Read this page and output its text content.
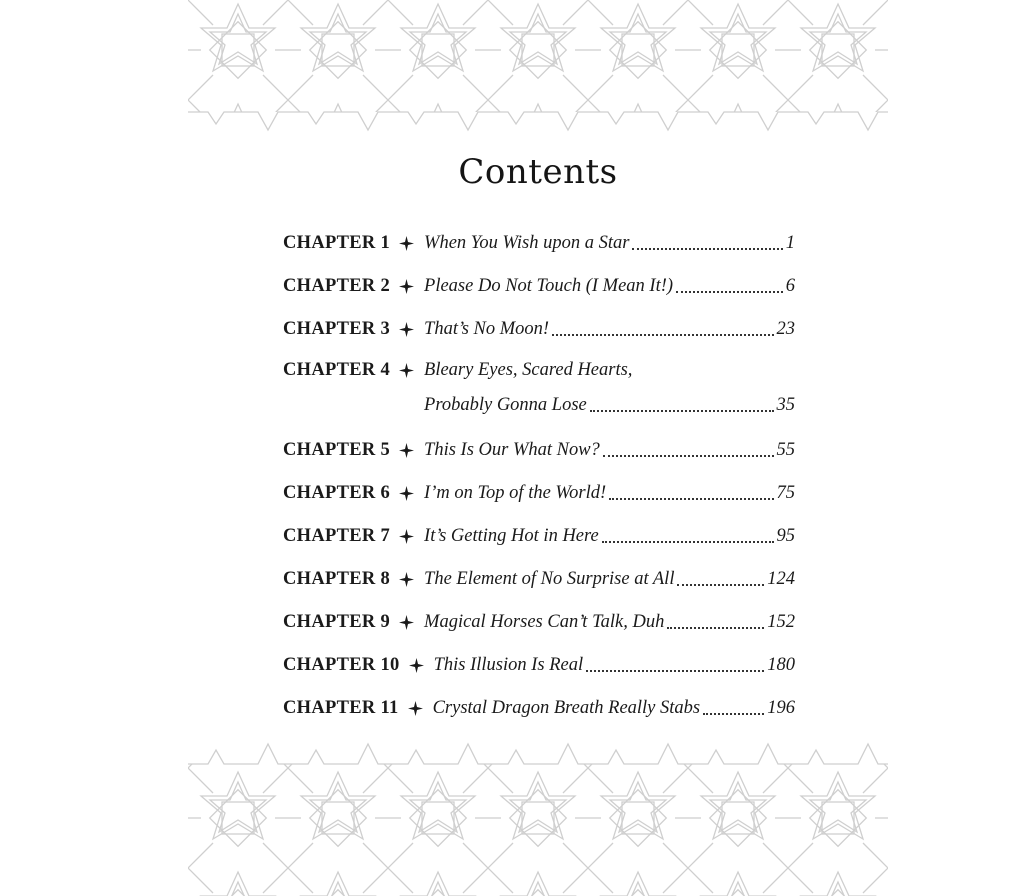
Contents
CHAPTER 1 When You Wish upon a Star	1
CHAPTER 2 Please Do Not Touch (I Mean It!)	6
CHAPTER 3 That’s No Moon!	23
CHAPTER 4 Bleary Eyes, Scared Hearts,
Probably Gonna Lose	35
CHAPTER 5 This Is Our What Now?	55
CHAPTER 6 I’m on Top of the World!	75
CHAPTER 7 It’s Getting Hot in Here	95
CHAPTER 8 The Element of No Surprise at All	124
CHAPTER 9 Magical Horses Can’t Talk, Duh	152
CHAPTER 10 This Illusion Is Real	180
CHAPTER 11 Crystal Dragon Breath Really Stabs	196
